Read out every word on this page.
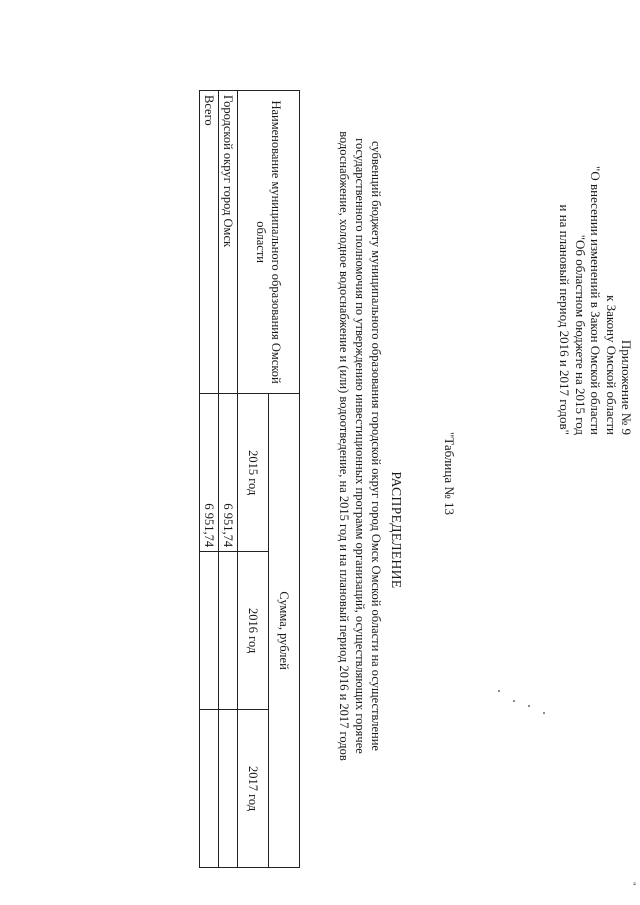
Приложение № 9
к Закону Омской области
"О внесении изменений в Закон Омской области
"Об областном бюджете на 2015 год
и на плановый период 2016 и 2017 годов"
"Таблица № 13
РАСПРЕДЕЛЕНИЕ
субвенций бюджету муниципального образования городской округ город Омск Омской области на осуществление
государственного полномочия по утверждению инвестиционных программ организаций, осуществляющих горячее
водоснабжение, холодное водоснабжение и (или) водоотведение, на 2015 год и на плановый период 2016 и 2017 годов
Наименование муниципального образования Омской области	Сумма, рублей		
	2015 год	2016 год	2017 год
Городской округ город Омск	6 951,74		
Всего	6 951,74		
"
